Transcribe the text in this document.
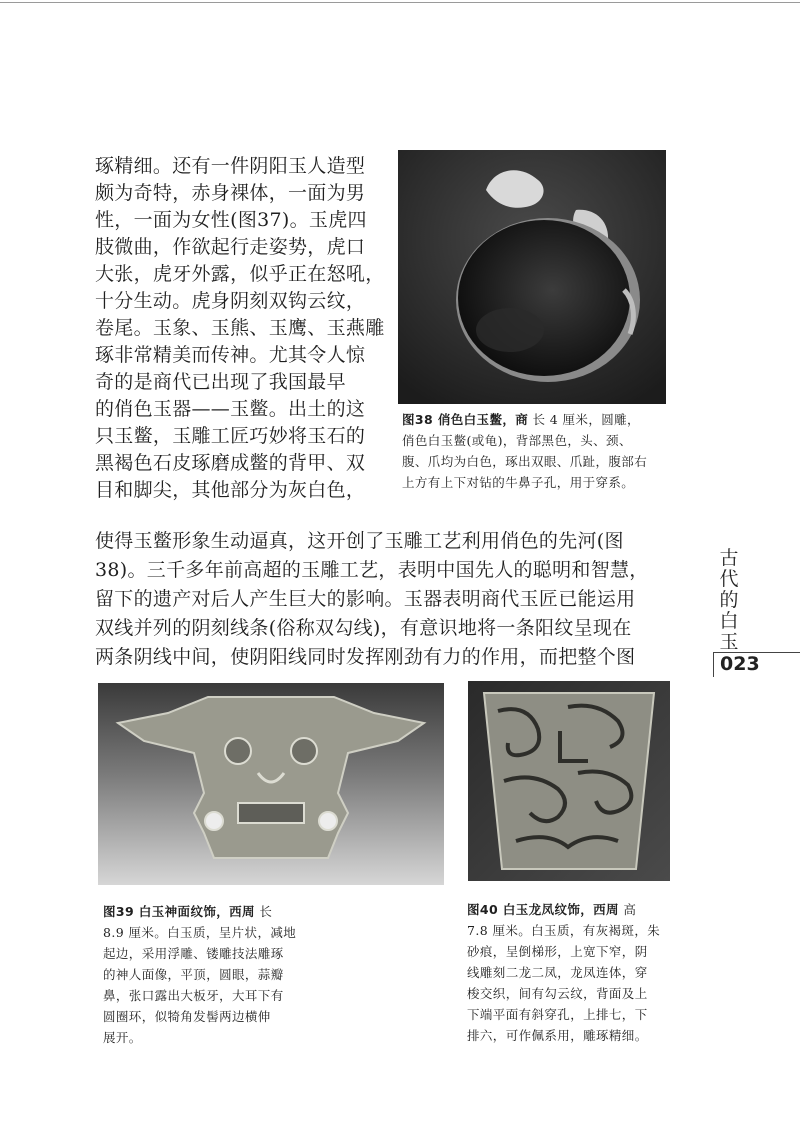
琢精细。还有一件阴阳玉人造型
颇为奇特，赤身裸体，一面为男
性，一面为女性(图37)。玉虎四
肢微曲，作欲起行走姿势，虎口
大张，虎牙外露，似乎正在怒吼，
十分生动。虎身阴刻双钩云纹，
卷尾。玉象、玉熊、玉鹰、玉燕雕
琢非常精美而传神。尤其令人惊
奇的是商代已出现了我国最早
的俏色玉器——玉鳖。出土的这
只玉鳖，玉雕工匠巧妙将玉石的
黑褐色石皮琢磨成鳖的背甲、双
目和脚尖，其他部分为灰白色，
图38 俏色白玉鳖，商 长 4 厘米，圆雕，
俏色白玉鳖(或龟)，背部黑色，头、颈、
腹、爪均为白色，琢出双眼、爪趾，腹部右
上方有上下对钻的牛鼻子孔，用于穿系。
使得玉鳖形象生动逼真，这开创了玉雕工艺利用俏色的先河(图
38)。三千多年前高超的玉雕工艺，表明中国先人的聪明和智慧，
留下的遗产对后人产生巨大的影响。玉器表明商代玉匠已能运用
双线并列的阴刻线条(俗称双勾线)，有意识地将一条阳纹呈现在
两条阴线中间，使阴阳线同时发挥刚劲有力的作用，而把整个图
古
代
的
白
玉
023
图39 白玉神面纹饰，西周 长
8.9 厘米。白玉质，呈片状，减地
起边，采用浮雕、镂雕技法雕琢
的神人面像，平顶，圆眼，蒜瓣
鼻，张口露出大板牙，大耳下有
圆圈环，似犄角发髻两边横伸
展开。
图40 白玉龙凤纹饰，西周 高
7.8 厘米。白玉质，有灰褐斑，朱
砂痕，呈倒梯形，上宽下窄，阴
线雕刻二龙二凤，龙凤连体，穿
梭交织，间有勾云纹，背面及上
下端平面有斜穿孔，上排七，下
排六，可作佩系用，雕琢精细。
